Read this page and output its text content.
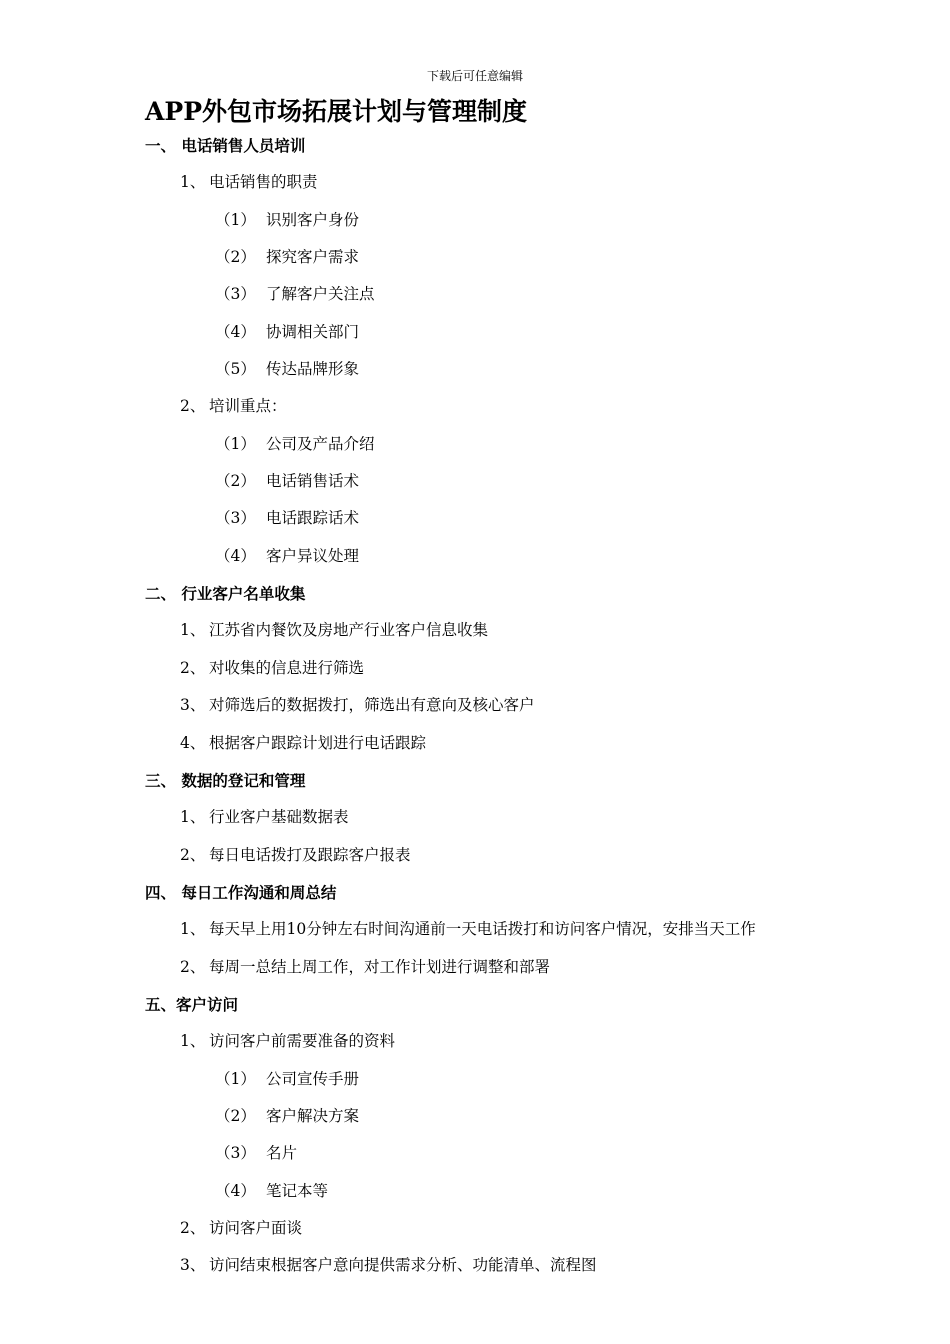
下载后可任意编辑
APP外包市场拓展计划与管理制度
一、 电话销售人员培训
1、 电话销售的职责
（1） 识别客户身份
（2） 探究客户需求
（3） 了解客户关注点
（4） 协调相关部门
（5） 传达品牌形象
2、 培训重点：
（1） 公司及产品介绍
（2） 电话销售话术
（3） 电话跟踪话术
（4） 客户异议处理
二、 行业客户名单收集
1、 江苏省内餐饮及房地产行业客户信息收集
2、 对收集的信息进行筛选
3、 对筛选后的数据拨打，筛选出有意向及核心客户
4、 根据客户跟踪计划进行电话跟踪
三、 数据的登记和管理
1、 行业客户基础数据表
2、 每日电话拨打及跟踪客户报表
四、 每日工作沟通和周总结
1、 每天早上用10分钟左右时间沟通前一天电话拨打和访问客户情况，安排当天工作
2、 每周一总结上周工作，对工作计划进行调整和部署
五、客户访问
1、 访问客户前需要准备的资料
（1） 公司宣传手册
（2） 客户解决方案
（3） 名片
（4） 笔记本等
2、 访问客户面谈
3、 访问结束根据客户意向提供需求分析、功能清单、流程图
